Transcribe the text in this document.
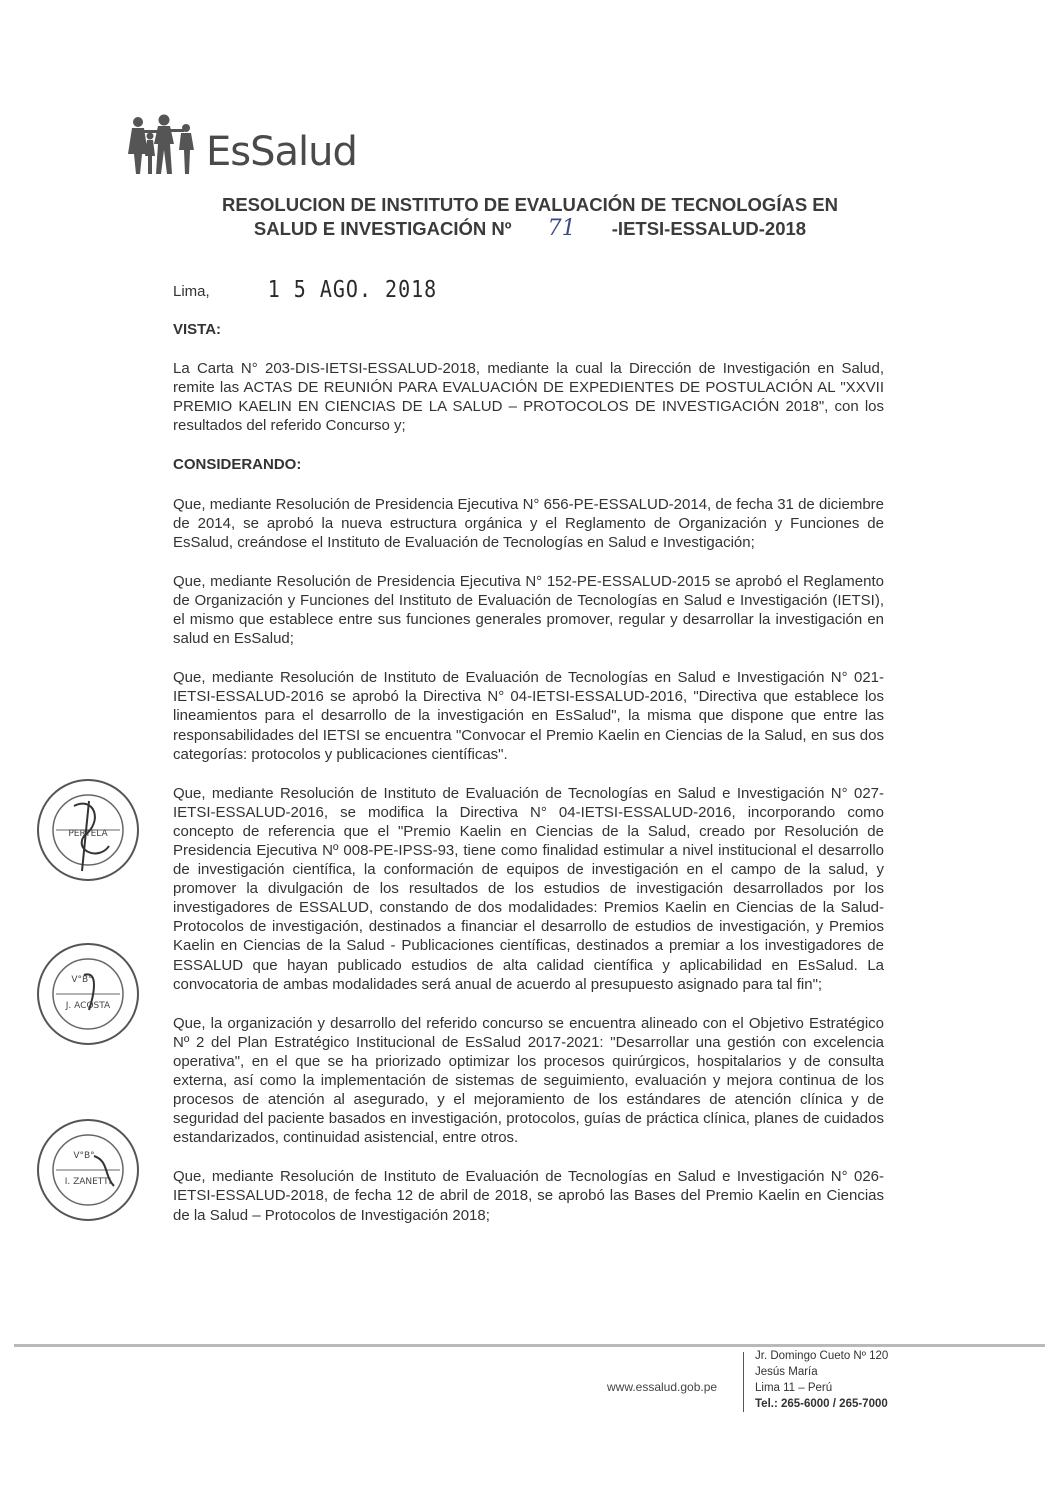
EsSalud
RESOLUCION DE INSTITUTO DE EVALUACIÓN DE TECNOLOGÍAS EN
SALUD E INVESTIGACIÓN Nº 71 -IETSI-ESSALUD-2018
Lima,	1 5 AGO. 2018

VISTA:

La Carta N° 203-DIS-IETSI-ESSALUD-2018, mediante la cual la Dirección de Investigación en Salud, remite las ACTAS DE REUNIÓN PARA EVALUACIÓN DE EXPEDIENTES DE POSTULACIÓN AL "XXVII PREMIO KAELIN EN CIENCIAS DE LA SALUD – PROTOCOLOS DE INVESTIGACIÓN 2018", con los resultados del referido Concurso y;

CONSIDERANDO:

Que, mediante Resolución de Presidencia Ejecutiva N° 656-PE-ESSALUD-2014, de fecha 31 de diciembre de 2014, se aprobó la nueva estructura orgánica y el Reglamento de Organización y Funciones de EsSalud, creándose el Instituto de Evaluación de Tecnologías en Salud e Investigación;

Que, mediante Resolución de Presidencia Ejecutiva N° 152-PE-ESSALUD-2015 se aprobó el Reglamento de Organización y Funciones del Instituto de Evaluación de Tecnologías en Salud e Investigación (IETSI), el mismo que establece entre sus funciones generales promover, regular y desarrollar la investigación en salud en EsSalud;

Que, mediante Resolución de Instituto de Evaluación de Tecnologías en Salud e Investigación N° 021-IETSI-ESSALUD-2016 se aprobó la Directiva N° 04-IETSI-ESSALUD-2016, "Directiva que establece los lineamientos para el desarrollo de la investigación en EsSalud", la misma que dispone que entre las responsabilidades del IETSI se encuentra "Convocar el Premio Kaelin en Ciencias de la Salud, en sus dos categorías: protocolos y publicaciones científicas".

Que, mediante Resolución de Instituto de Evaluación de Tecnologías en Salud e Investigación N° 027-IETSI-ESSALUD-2016, se modifica la Directiva N° 04-IETSI-ESSALUD-2016, incorporando como concepto de referencia que el "Premio Kaelin en Ciencias de la Salud, creado por Resolución de Presidencia Ejecutiva Nº 008-PE-IPSS-93, tiene como finalidad estimular a nivel institucional el desarrollo de investigación científica, la conformación de equipos de investigación en el campo de la salud, y promover la divulgación de los resultados de los estudios de investigación desarrollados por los investigadores de ESSALUD, constando de dos modalidades: Premios Kaelin en Ciencias de la Salud- Protocolos de investigación, destinados a financiar el desarrollo de estudios de investigación, y Premios Kaelin en Ciencias de la Salud - Publicaciones científicas, destinados a premiar a los investigadores de ESSALUD que hayan publicado estudios de alta calidad científica y aplicabilidad en EsSalud. La convocatoria de ambas modalidades será anual de acuerdo al presupuesto asignado para tal fin";

Que, la organización y desarrollo del referido concurso se encuentra alineado con el Objetivo Estratégico Nº 2 del Plan Estratégico Institucional de EsSalud 2017-2021: "Desarrollar una gestión con excelencia operativa", en el que se ha priorizado optimizar los procesos quirúrgicos, hospitalarios y de consulta externa, así como la implementación de sistemas de seguimiento, evaluación y mejora continua de los procesos de atención al asegurado, y el mejoramiento de los estándares de atención clínica y de seguridad del paciente basados en investigación, protocolos, guías de práctica clínica, planes de cuidados estandarizados, continuidad asistencial, entre otros.

Que, mediante Resolución de Instituto de Evaluación de Tecnologías en Salud e Investigación N° 026-IETSI-ESSALUD-2018, de fecha 12 de abril de 2018, se aprobó las Bases del Premio Kaelin en Ciencias de la Salud – Protocolos de Investigación 2018;

PERTELA
V°B°
J. ACOSTA
V°B°
I. ZANETTI
www.essalud.gob.pe
Jr. Domingo Cueto Nº 120
Jesús María
Lima 11 – Perú
Tel.: 265-6000 / 265-7000
